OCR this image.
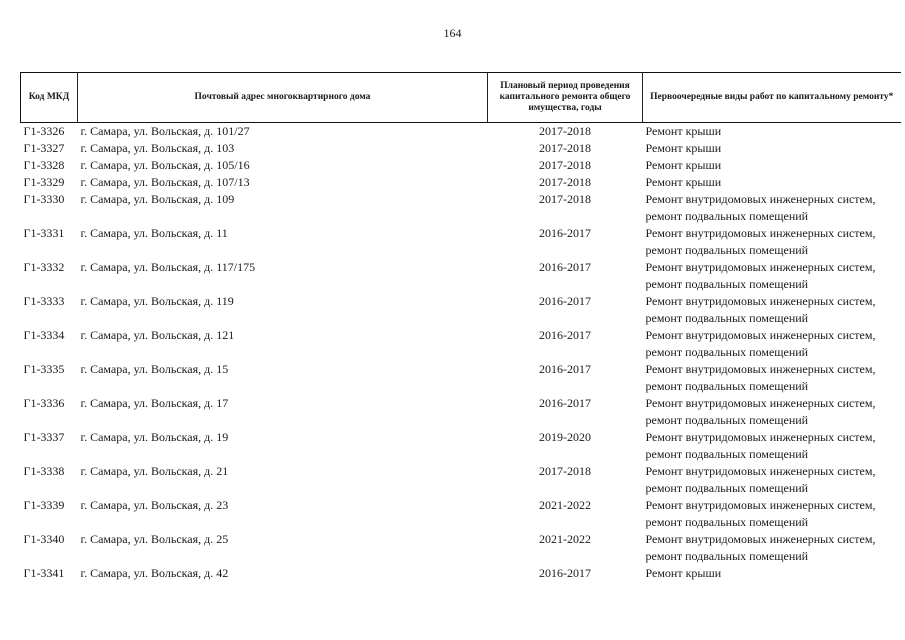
164
Код МКД	Почтовый адрес многоквартирного дома	Плановый период проведения капитального ремонта общего имущества, годы	Первоочередные виды работ по капитальному ремонту*
Г1-3326	г. Самара, ул. Вольская, д. 101/27	2017-2018	Ремонт крыши

Г1-3327	г. Самара, ул. Вольская, д. 103	2017-2018	Ремонт крыши

Г1-3328	г. Самара, ул. Вольская, д. 105/16	2017-2018	Ремонт крыши

Г1-3329	г. Самара, ул. Вольская, д. 107/13	2017-2018	Ремонт крыши

Г1-3330	г. Самара, ул. Вольская, д. 109	2017-2018	Ремонт внутридомовых инженерных систем,
ремонт подвальных помещений

Г1-3331	г. Самара, ул. Вольская, д. 11	2016-2017	Ремонт внутридомовых инженерных систем,
ремонт подвальных помещений

Г1-3332	г. Самара, ул. Вольская, д. 117/175	2016-2017	Ремонт внутридомовых инженерных систем,
ремонт подвальных помещений

Г1-3333	г. Самара, ул. Вольская, д. 119	2016-2017	Ремонт внутридомовых инженерных систем,
ремонт подвальных помещений

Г1-3334	г. Самара, ул. Вольская, д. 121	2016-2017	Ремонт внутридомовых инженерных систем,
ремонт подвальных помещений

Г1-3335	г. Самара, ул. Вольская, д. 15	2016-2017	Ремонт внутридомовых инженерных систем,
ремонт подвальных помещений

Г1-3336	г. Самара, ул. Вольская, д. 17	2016-2017	Ремонт внутридомовых инженерных систем,
ремонт подвальных помещений

Г1-3337	г. Самара, ул. Вольская, д. 19	2019-2020	Ремонт внутридомовых инженерных систем,
ремонт подвальных помещений

Г1-3338	г. Самара, ул. Вольская, д. 21	2017-2018	Ремонт внутридомовых инженерных систем,
ремонт подвальных помещений

Г1-3339	г. Самара, ул. Вольская, д. 23	2021-2022	Ремонт внутридомовых инженерных систем,
ремонт подвальных помещений

Г1-3340	г. Самара, ул. Вольская, д. 25	2021-2022	Ремонт внутридомовых инженерных систем,
ремонт подвальных помещений

Г1-3341	г. Самара, ул. Вольская, д. 42	2016-2017	Ремонт крыши
